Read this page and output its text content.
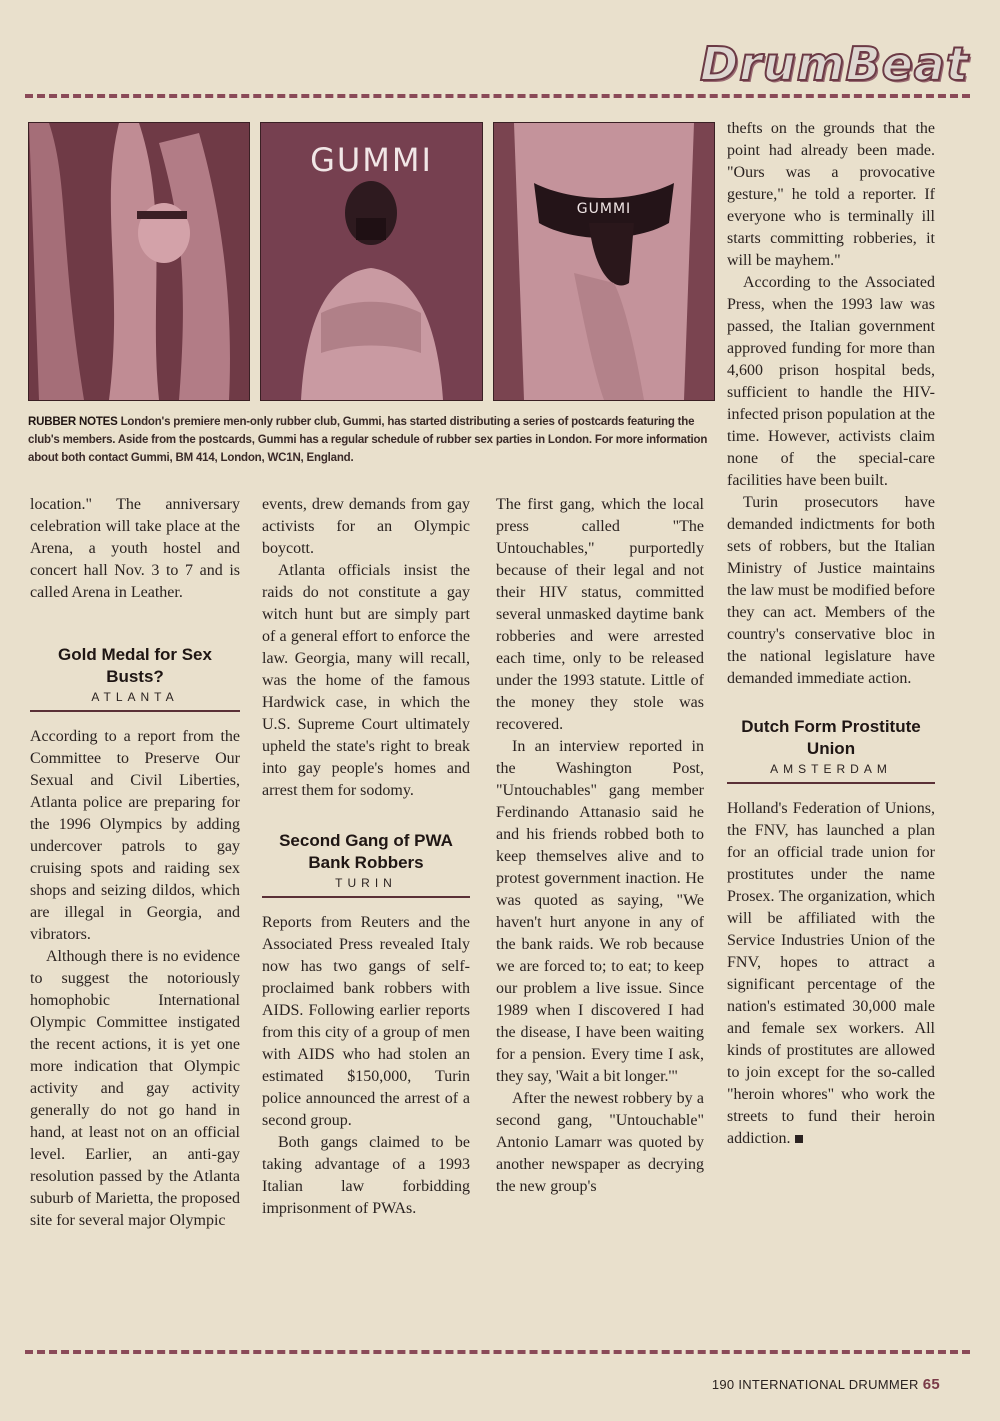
DrumBeat
GUMMI
GUMMI
RUBBER NOTES London's premiere men-only rubber club, Gummi, has started distributing a series of postcards featuring the club's members. Aside from the postcards, Gummi has a regular schedule of rubber sex parties in London. For more information about both contact Gummi, BM 414, London, WC1N, England.

location." The anniversary celebration will take place at the Arena, a youth hostel and concert hall Nov. 3 to 7 and is called Arena in Leather.

Gold Medal for Sex Busts?
ATLANTA

According to a report from the Committee to Preserve Our Sexual and Civil Liberties, Atlanta police are preparing for the 1996 Olympics by adding undercover patrols to gay cruising spots and raiding sex shops and seizing dildos, which are illegal in Georgia, and vibrators.

Although there is no evidence to suggest the notoriously homophobic International Olympic Committee instigated the recent actions, it is yet one more indication that Olympic activity and gay activity generally do not go hand in hand, at least not on an official level. Earlier, an anti-gay resolution passed by the Atlanta suburb of Marietta, the proposed site for several major Olympic

events, drew demands from gay activists for an Olympic boycott.

Atlanta officials insist the raids do not constitute a gay witch hunt but are simply part of a general effort to enforce the law. Georgia, many will recall, was the home of the famous Hardwick case, in which the U.S. Supreme Court ultimately upheld the state's right to break into gay people's homes and arrest them for sodomy.

Second Gang of PWA Bank Robbers
TURIN

Reports from Reuters and the Associated Press revealed Italy now has two gangs of self-proclaimed bank robbers with AIDS. Following earlier reports from this city of a group of men with AIDS who had stolen an estimated $150,000, Turin police announced the arrest of a second group.

Both gangs claimed to be taking advantage of a 1993 Italian law forbidding imprisonment of PWAs.

The first gang, which the local press called "The Untouchables," purportedly because of their legal and not their HIV status, committed several unmasked daytime bank robberies and were arrested each time, only to be released under the 1993 statute. Little of the money they stole was recovered.

In an interview reported in the Washington Post, "Untouchables" gang member Ferdinando Attanasio said he and his friends robbed both to keep themselves alive and to protest government inaction. He was quoted as saying, "We haven't hurt anyone in any of the bank raids. We rob because we are forced to; to eat; to keep our problem a live issue. Since 1989 when I discovered I had the disease, I have been waiting for a pension. Every time I ask, they say, 'Wait a bit longer.'"

After the newest robbery by a second gang, "Untouchable" Antonio Lamarr was quoted by another newspaper as decrying the new group's

thefts on the grounds that the point had already been made. "Ours was a provocative gesture," he told a reporter. If everyone who is terminally ill starts committing robberies, it will be mayhem."

According to the Associated Press, when the 1993 law was passed, the Italian government approved funding for more than 4,600 prison hospital beds, sufficient to handle the HIV-infected prison population at the time. However, activists claim none of the special-care facilities have been built.

Turin prosecutors have demanded indictments for both sets of robbers, but the Italian Ministry of Justice maintains the law must be modified before they can act. Members of the country's conservative bloc in the national legislature have demanded immediate action.

Dutch Form Prostitute Union
AMSTERDAM

Holland's Federation of Unions, the FNV, has launched a plan for an official trade union for prostitutes under the name Prosex. The organization, which will be affiliated with the Service Industries Union of the FNV, hopes to attract a significant percentage of the nation's estimated 30,000 male and female sex workers. All kinds of prostitutes are allowed to join except for the so-called "heroin whores" who work the streets to fund their heroin addiction.

190 INTERNATIONAL DRUMMER 65
